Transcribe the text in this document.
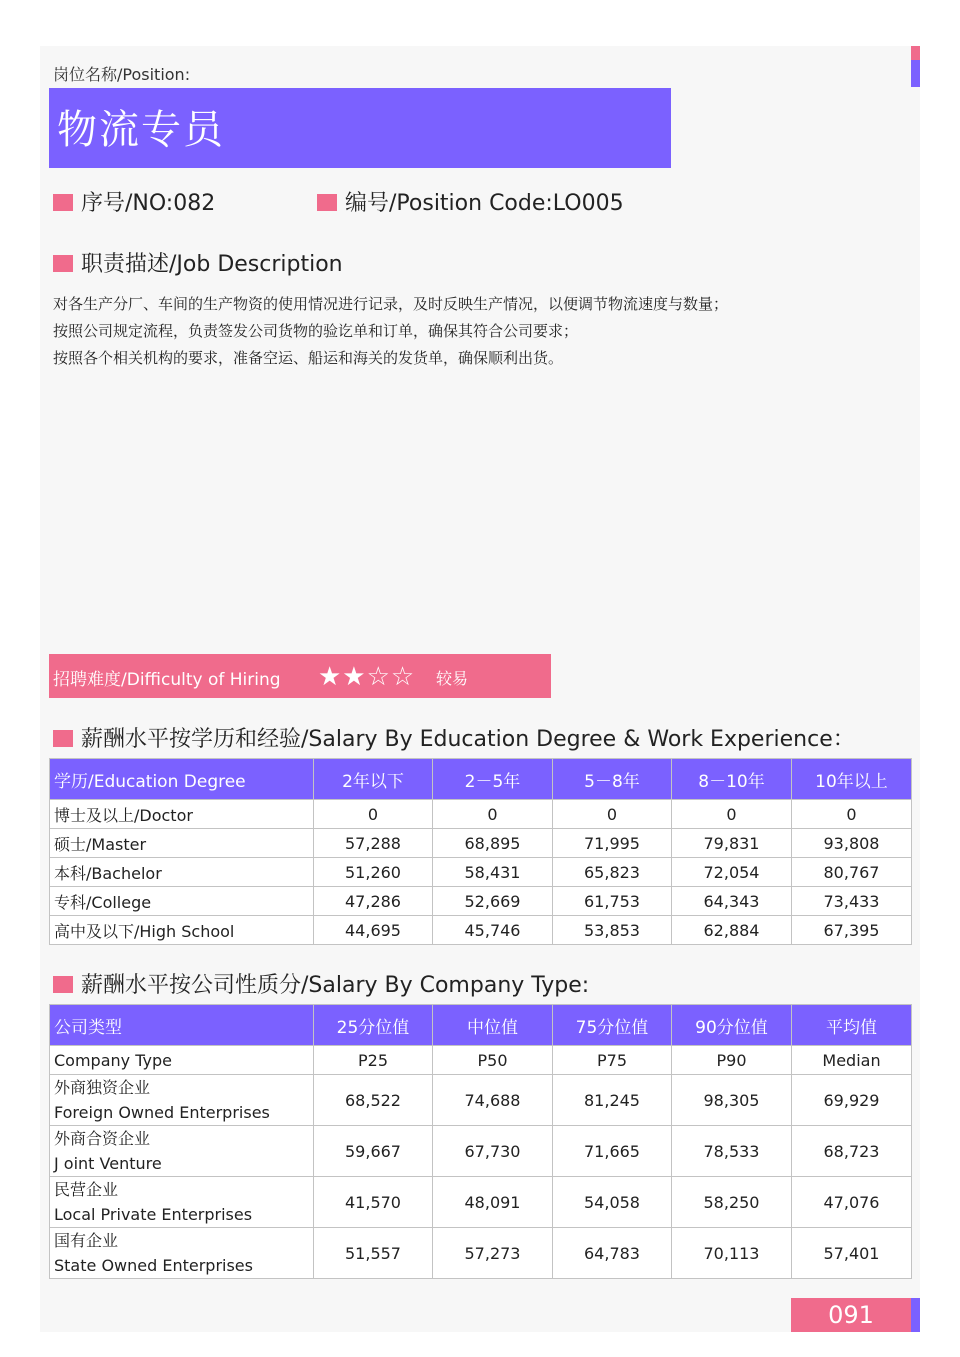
岗位名称/Position:
物流专员
序号/NO:082	编号/Position Code:LO005
职责描述/Job Description
对各生产分厂、车间的生产物资的使用情况进行记录，及时反映生产情况，以便调节物流速度与数量；
按照公司规定流程，负责签发公司货物的验讫单和订单，确保其符合公司要求；
按照各个相关机构的要求，准备空运、船运和海关的发货单，确保顺利出货。
招聘难度/Difficulty of Hiring ★★☆☆ 较易
薪酬水平按学历和经验/Salary By Education Degree & Work Experience：
学历/Education Degree	2年以下	2－5年	5－8年	8－10年	10年以上
博士及以上/Doctor	0	0	0	0	0
硕士/Master	57,288	68,895	71,995	79,831	93,808
本科/Bachelor	51,260	58,431	65,823	72,054	80,767
专科/College	47,286	52,669	61,753	64,343	73,433
高中及以下/High School	44,695	45,746	53,853	62,884	67,395
薪酬水平按公司性质分/Salary By Company Type:
公司类型	25分位值	中位值	75分位值	90分位值	平均值
Company Type	P25	P50	P75	P90	Median

外商独资企业
Foreign Owned Enterprises	68,522	74,688	81,245	98,305	69,929

外商合资企业
J oint Venture	59,667	67,730	71,665	78,533	68,723

民营企业
Local Private Enterprises	41,570	48,091	54,058	58,250	47,076

国有企业
State Owned Enterprises	51,557	57,273	64,783	70,113	57,401
091
